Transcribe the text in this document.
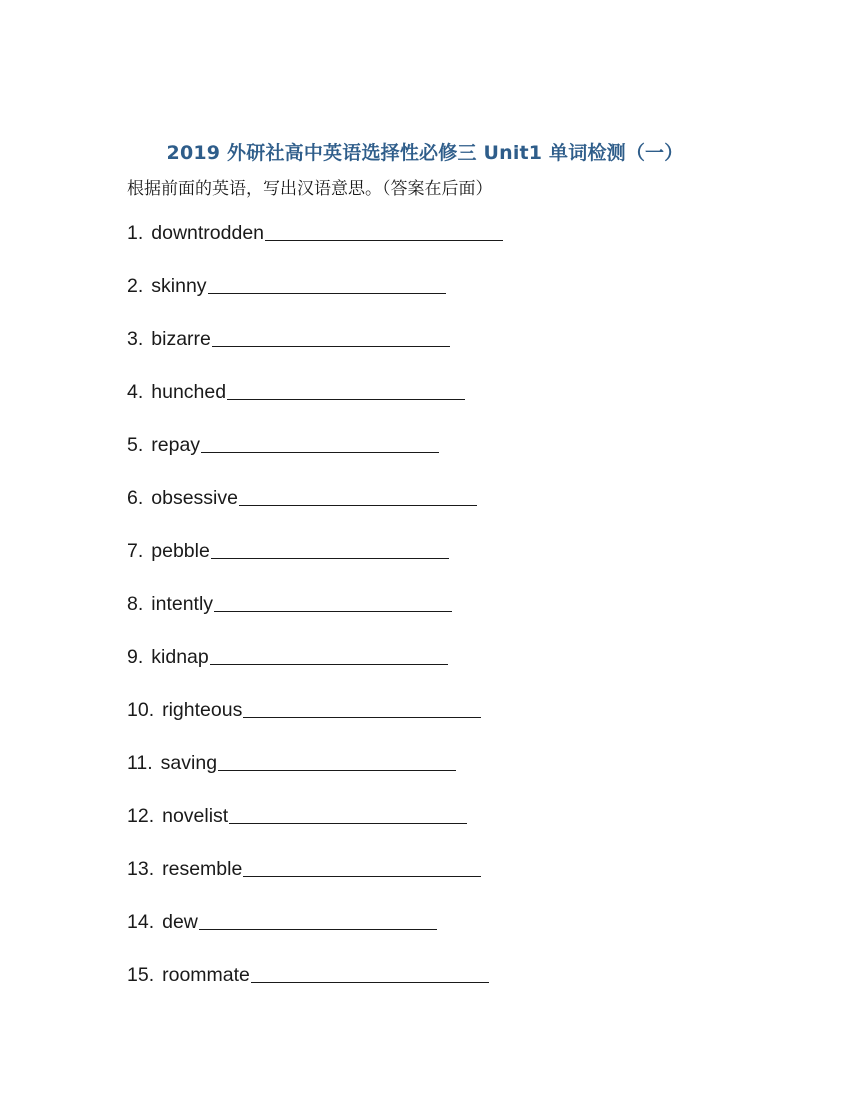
2019 外研社高中英语选择性必修三 Unit1 单词检测（一）
根据前面的英语，写出汉语意思。（答案在后面）
1. downtrodden
2. skinny
3. bizarre
4. hunched
5. repay
6. obsessive
7. pebble
8. intently
9. kidnap
10. righteous
11. saving
12. novelist
13. resemble
14. dew
15. roommate
